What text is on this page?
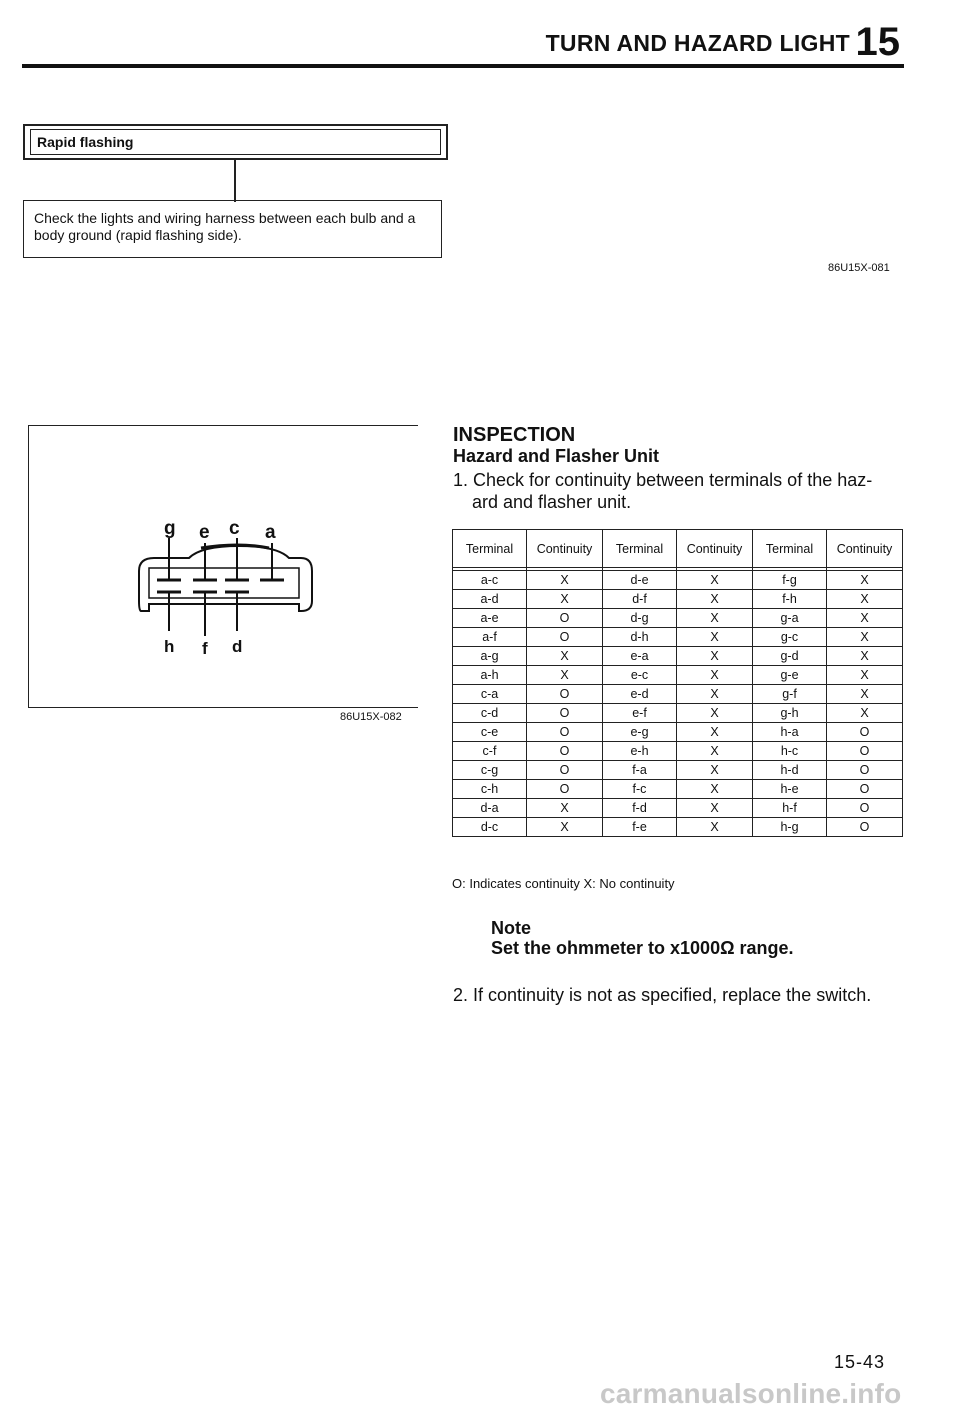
TURN AND HAZARD LIGHT 15
Rapid flashing
Check the lights and wiring harness between each bulb and a body ground (rapid flashing side).
86U15X-081
g e c a
h f d
86U15X-082
INSPECTION
Hazard and Flasher Unit
1. Check for continuity between terminals of the haz-
ard and flasher unit.
Terminal	Continuity	Terminal	Continuity	Terminal	Continuity

a-c	X	d-e	X	f-g	X
a-d	X	d-f	X	f-h	X
a-e	O	d-g	X	g-a	X
a-f	O	d-h	X	g-c	X
a-g	X	e-a	X	g-d	X
a-h	X	e-c	X	g-e	X
c-a	O	e-d	X	g-f	X
c-d	O	e-f	X	g-h	X
c-e	O	e-g	X	h-a	O
c-f	O	e-h	X	h-c	O
c-g	O	f-a	X	h-d	O
c-h	O	f-c	X	h-e	O
d-a	X	f-d	X	h-f	O
d-c	X	f-e	X	h-g	O
O: Indicates continuity X: No continuity
Note
Set the ohmmeter to x1000Ω range.
2. If continuity is not as specified, replace the switch.
15-43
carmanualsonline.info
